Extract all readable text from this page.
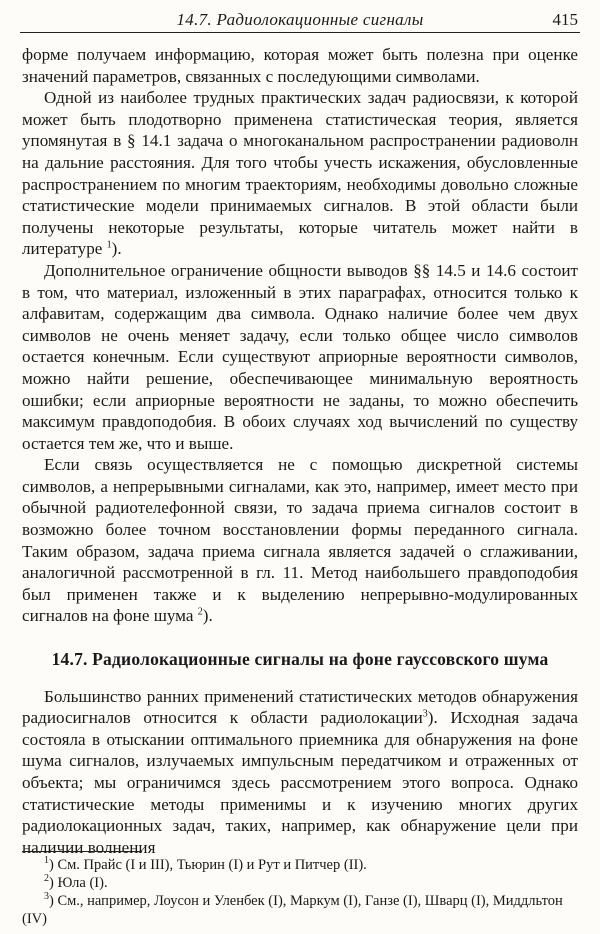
14.7. Радиолокационные сигналы	415

форме получаем информацию, которая может быть полезна при оценке значений параметров, связанных с последующими символами.

Одной из наиболее трудных практических задач радиосвязи, к которой может быть плодотворно применена статистическая теория, является упомянутая в § 14.1 задача о многоканальном распространении радиоволн на дальние расстояния. Для того чтобы учесть искажения, обусловленные распространением по многим траекториям, необходимы довольно сложные статистические модели принимаемых сигналов. В этой области были получены некоторые результаты, которые читатель может найти в литературе $^1$).

Дополнительное ограничение общности выводов §§ 14.5 и 14.6 состоит в том, что материал, изложенный в этих параграфах, относится только к алфавитам, содержащим два символа. Однако наличие более чем двух символов не очень меняет задачу, если только общее число символов остается конечным. Если существуют априорные вероятности символов, можно найти решение, обеспечивающее минимальную вероятность ошибки; если априорные вероятности не заданы, то можно обеспечить максимум правдоподобия. В обоих случаях ход вычислений по существу остается тем же, что и выше.

Если связь осуществляется не с помощью дискретной системы символов, а непрерывными сигналами, как это, например, имеет место при обычной радиотелефонной связи, то задача приема сигналов состоит в возможно более точном восстановлении формы переданного сигнала. Таким образом, задача приема сигнала является задачей о сглаживании, аналогичной рассмотренной в гл. 11. Метод наибольшего правдоподобия был применен также и к выделению непрерывно-модулированных сигналов на фоне шума $^2$).

14.7. Радиолокационные сигналы на фоне гауссовского шума

Большинство ранних применений статистических методов обнаружения радиосигналов относится к области радиолокации$^3$). Исходная задача состояла в отыскании оптимального приемника для обнаружения на фоне шума сигналов, излучаемых импульсным передатчиком и отраженных от объекта; мы ограничимся здесь рассмотрением этого вопроса. Однако статистические методы применимы и к изучению многих других радиолокационных задач, таких, например, как обнаружение цели при наличии волнения

$^1$) См. Прайс (I и III), Тьюрин (I) и Рут и Питчер (II).

$^2$) Юла (I).

$^3$) См., например, Лоусон и Уленбек (I), Маркум (I), Ганзе (I), Шварц (I), Миддльтон (IV)
